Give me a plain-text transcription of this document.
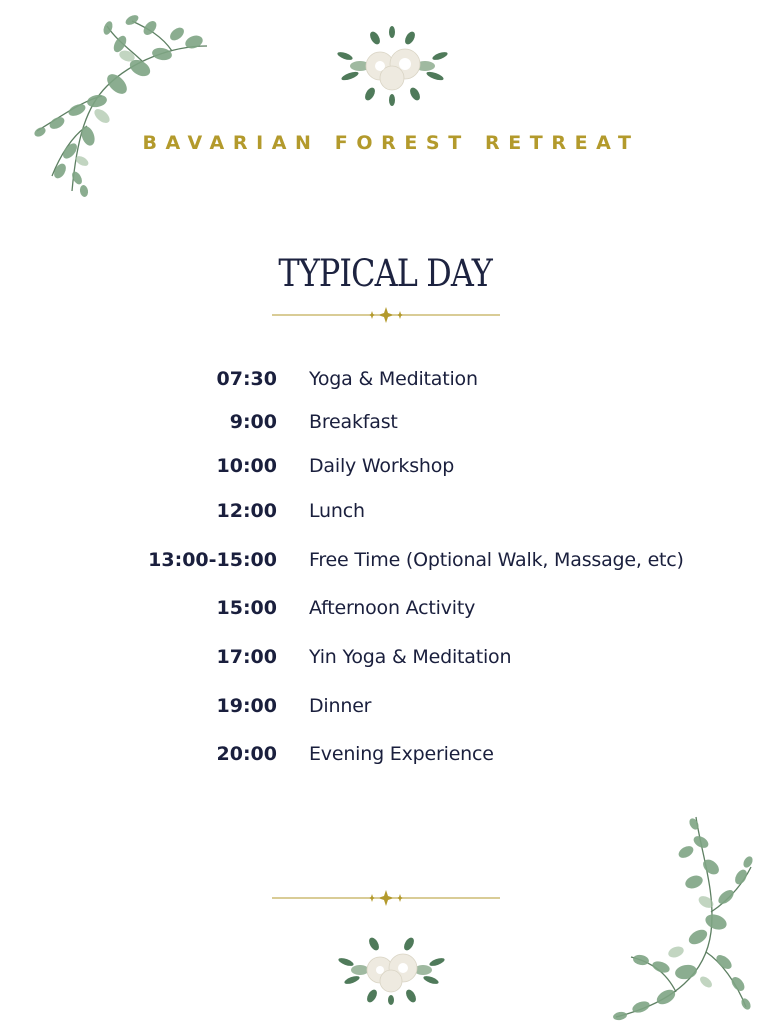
BAVARIAN FOREST RETREAT
TYPICAL DAY
07:30 Yoga & Meditation
9:00 Breakfast
10:00 Daily Workshop
12:00 Lunch
13:00-15:00 Free Time (Optional Walk, Massage, etc)
15:00 Afternoon Activity
17:00 Yin Yoga & Meditation
19:00 Dinner
20:00 Evening Experience
